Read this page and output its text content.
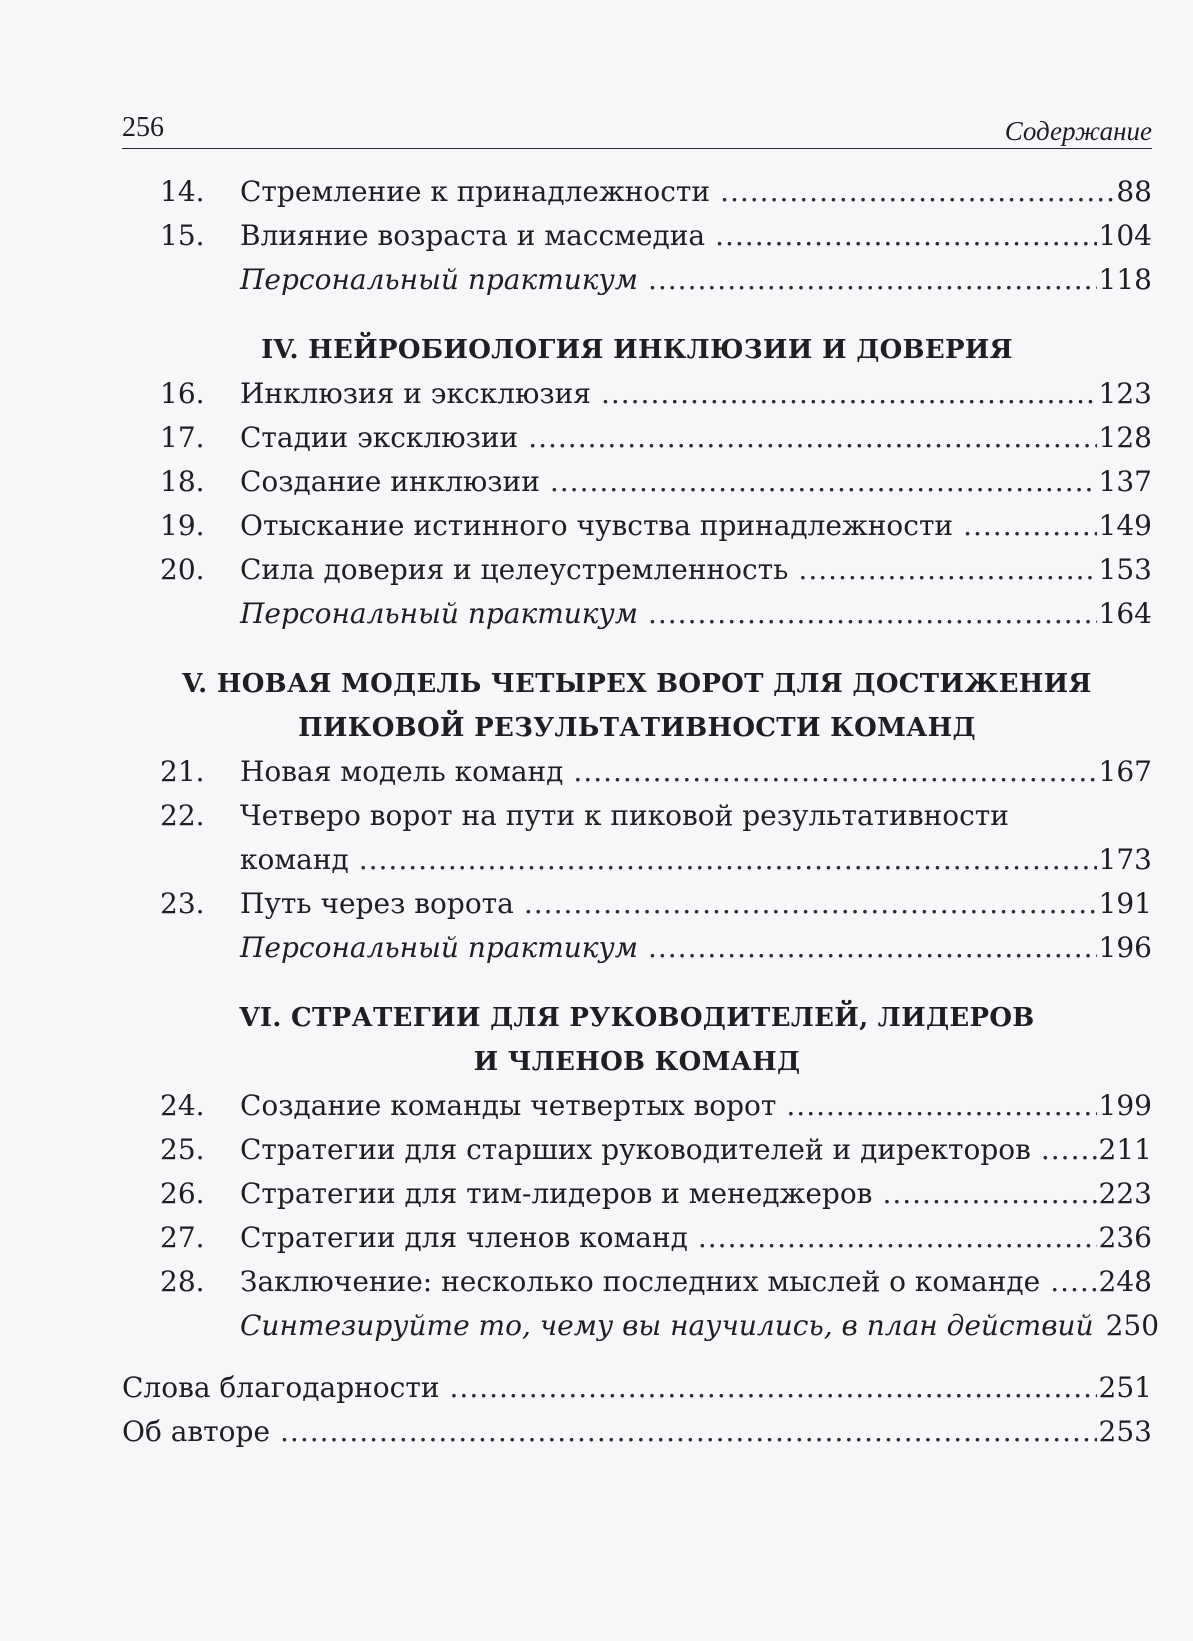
256	Содержание
14.	Стремление к принадлежности .....	88
15.	Влияние возраста и массмедиа .....	104
Персональный практикум .....	118
IV. НЕЙРОБИОЛОГИЯ ИНКЛЮЗИИ И ДОВЕРИЯ
16.	Инклюзия и эксклюзия .....	123
17.	Стадии эксклюзии .....	128
18.	Создание инклюзии .....	137
19.	Отыскание истинного чувства принадлежности .....	149
20.	Сила доверия и целеустремленность .....	153
Персональный практикум .....	164
V. НОВАЯ МОДЕЛЬ ЧЕТЫРЕХ ВОРОТ ДЛЯ ДОСТИЖЕНИЯ
ПИКОВОЙ РЕЗУЛЬТАТИВНОСТИ КОМАНД
21.	Новая модель команд .....	167
22.	Четверо ворот на пути к пиковой результативности
команд .....	173
23.	Путь через ворота .....	191
Персональный практикум .....	196
VI. СТРАТЕГИИ ДЛЯ РУКОВОДИТЕЛЕЙ, ЛИДЕРОВ
И ЧЛЕНОВ КОМАНД
24.	Создание команды четвертых ворот .....	199
25.	Стратегии для старших руководителей и директоров ..... 211
26.	Стратегии для тим-лидеров и менеджеров .....	223
27.	Стратегии для членов команд .....	236
28.	Заключение: несколько последних мыслей о команде ..... 248
Синтезируйте то, чему вы научились, в план действий 250
Слова благодарности .....	251
Об авторе .....	253
